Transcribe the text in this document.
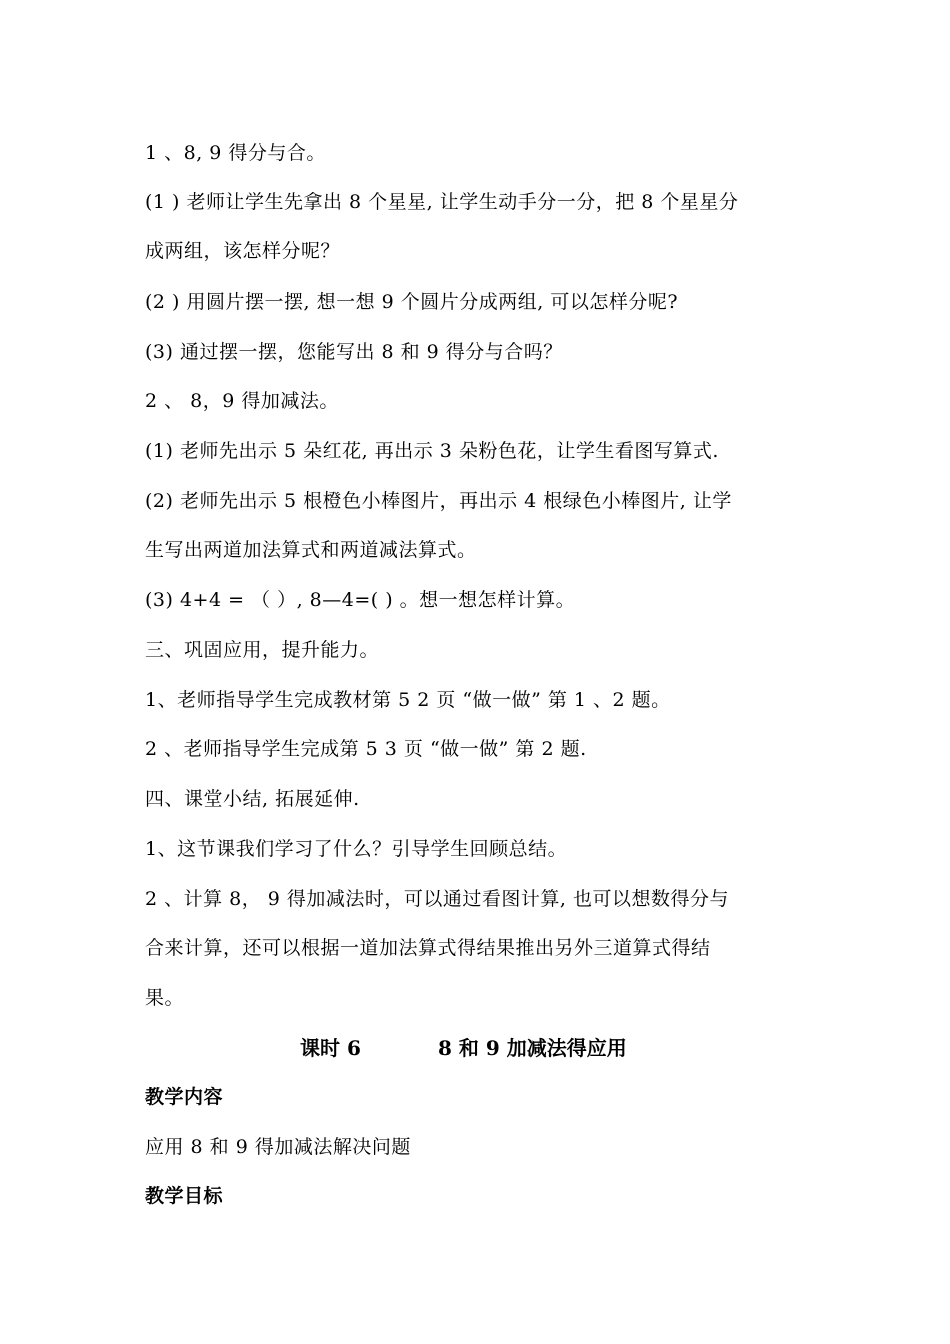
1 、8, 9 得分与合。
(1 ) 老师让学生先拿出 8 个星星, 让学生动手分一分，把 8 个星星分
成两组，该怎样分呢？
(2 ) 用圆片摆一摆, 想一想 9 个圆片分成两组, 可以怎样分呢?
(3) 通过摆一摆，您能写出 8 和 9 得分与合吗？
2 、 8，9 得加减法。
(1) 老师先出示 5 朵红花, 再出示 3 朵粉色花，让学生看图写算式.
(2) 老师先出示 5 根橙色小棒图片，再出示 4 根绿色小棒图片, 让学
生写出两道加法算式和两道减法算式。
(3) 4+4 = （ ）, 8—4=( ) 。想一想怎样计算。
三、巩固应用，提升能力。
1、老师指导学生完成教材第 5 2 页 “做一做” 第 1 、2 题。
2 、老师指导学生完成第 5 3 页 “做一做” 第 2 题.
四、课堂小结, 拓展延伸.
1、这节课我们学习了什么？引导学生回顾总结。
2 、计算 8， 9 得加减法时，可以通过看图计算, 也可以想数得分与
合来计算，还可以根据一道加法算式得结果推出另外三道算式得结
果。
课时 6	8 和 9 加减法得应用
教学内容
应用 8 和 9 得加减法解决问题
教学目标
